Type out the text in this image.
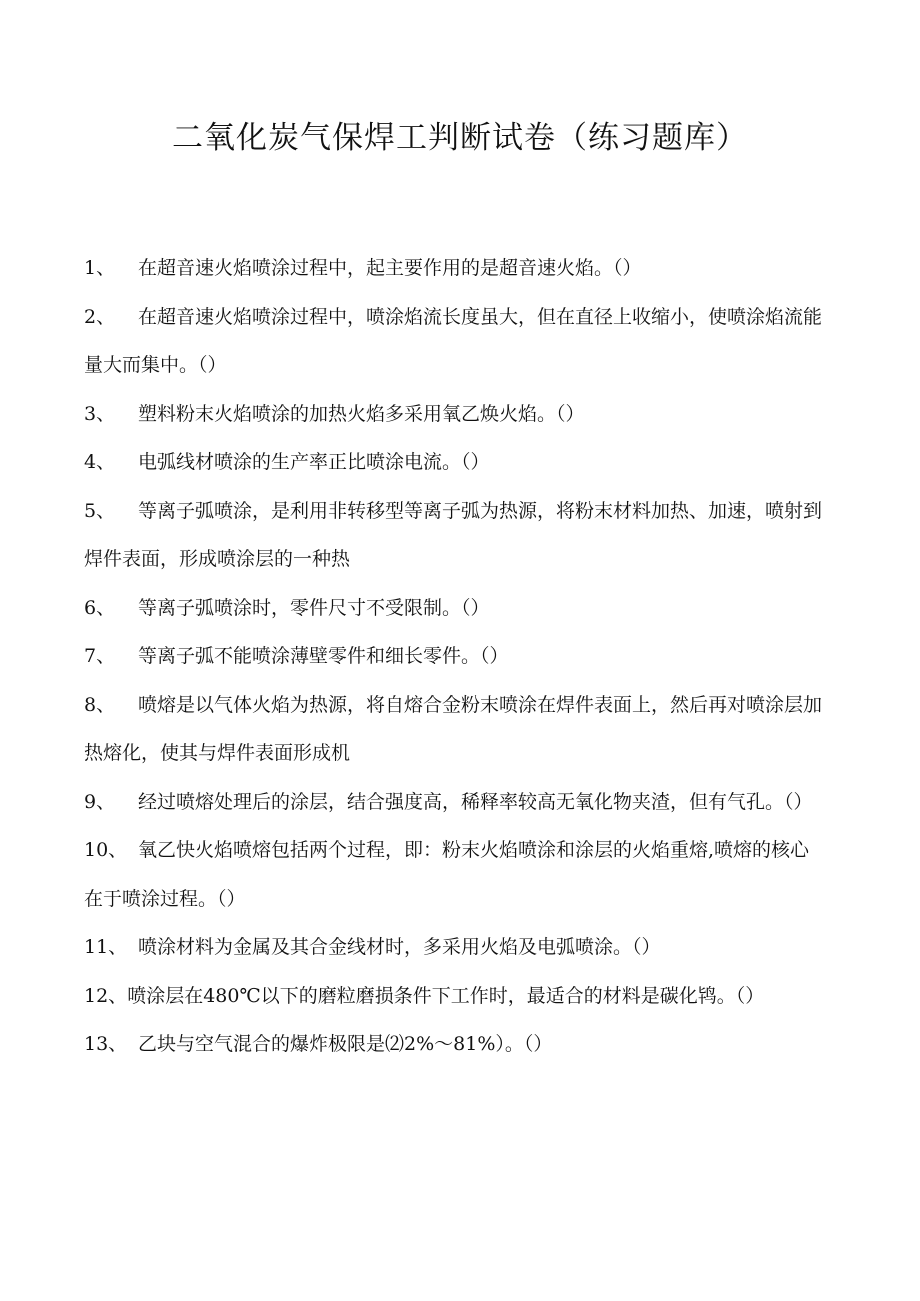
二氧化炭气保焊工判断试卷（练习题库）

1、 在超音速火焰喷涂过程中，起主要作用的是超音速火焰。（）

2、 在超音速火焰喷涂过程中，喷涂焰流长度虽大，但在直径上收缩小，使喷涂焰流能量大而集中。（）

3、 塑料粉末火焰喷涂的加热火焰多采用氧乙焕火焰。（）

4、 电弧线材喷涂的生产率正比喷涂电流。（）

5、 等离子弧喷涂，是利用非转移型等离子弧为热源，将粉末材料加热、加速，喷射到焊件表面，形成喷涂层的一种热

6、 等离子弧喷涂时，零件尺寸不受限制。（）

7、 等离子弧不能喷涂薄壁零件和细长零件。（）

8、 喷熔是以气体火焰为热源，将自熔合金粉末喷涂在焊件表面上，然后再对喷涂层加热熔化，使其与焊件表面形成机

9、 经过喷熔处理后的涂层，结合强度高，稀释率较高无氧化物夹渣，但有气孔。（）

10、 氧乙快火焰喷熔包括两个过程，即：粉末火焰喷涂和涂层的火焰重熔,喷熔的核心在于喷涂过程。（）

11、 喷涂材料为金属及其合金线材时，多采用火焰及电弧喷涂。（）

12、喷涂层在480℃以下的磨粒磨损条件下工作时，最适合的材料是碳化鸨。（）

13、 乙块与空气混合的爆炸极限是⑵2%～81%）。（）
